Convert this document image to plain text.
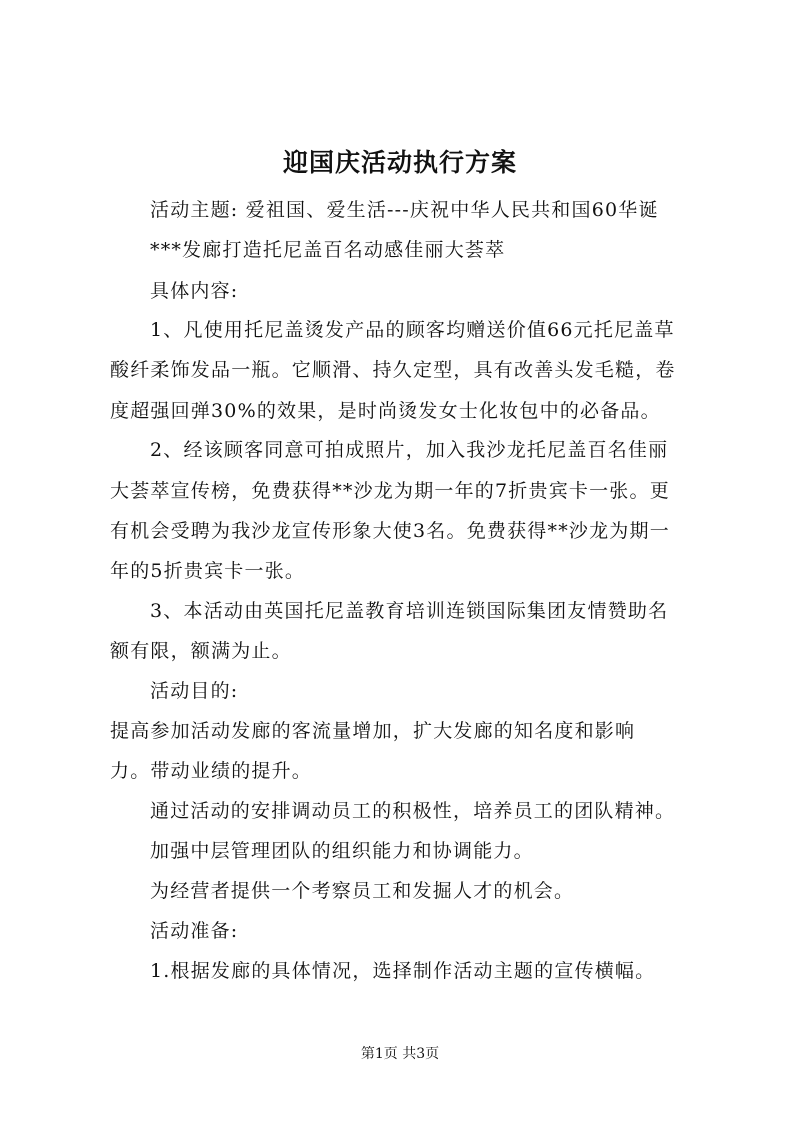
迎国庆活动执行方案
活动主题: 爱祖国、爱生活---庆祝中华人民共和国60华诞
***发廊打造托尼盖百名动感佳丽大荟萃
具体内容:
1、凡使用托尼盖烫发产品的顾客均赠送价值66元托尼盖草
酸纤柔饰发品一瓶。它顺滑、持久定型，具有改善头发毛糙，卷
度超强回弹30%的效果，是时尚烫发女士化妆包中的必备品。
2、经该顾客同意可拍成照片，加入我沙龙托尼盖百名佳丽
大荟萃宣传榜，免费获得**沙龙为期一年的7折贵宾卡一张。更
有机会受聘为我沙龙宣传形象大使3名。免费获得**沙龙为期一
年的5折贵宾卡一张。
3、本活动由英国托尼盖教育培训连锁国际集团友情赞助名
额有限，额满为止。
活动目的:
提高参加活动发廊的客流量增加，扩大发廊的知名度和影响
力。带动业绩的提升。
通过活动的安排调动员工的积极性，培养员工的团队精神。
加强中层管理团队的组织能力和协调能力。
为经营者提供一个考察员工和发掘人才的机会。
活动准备:
1.根据发廊的具体情况，选择制作活动主题的宣传横幅。
第1页 共3页
